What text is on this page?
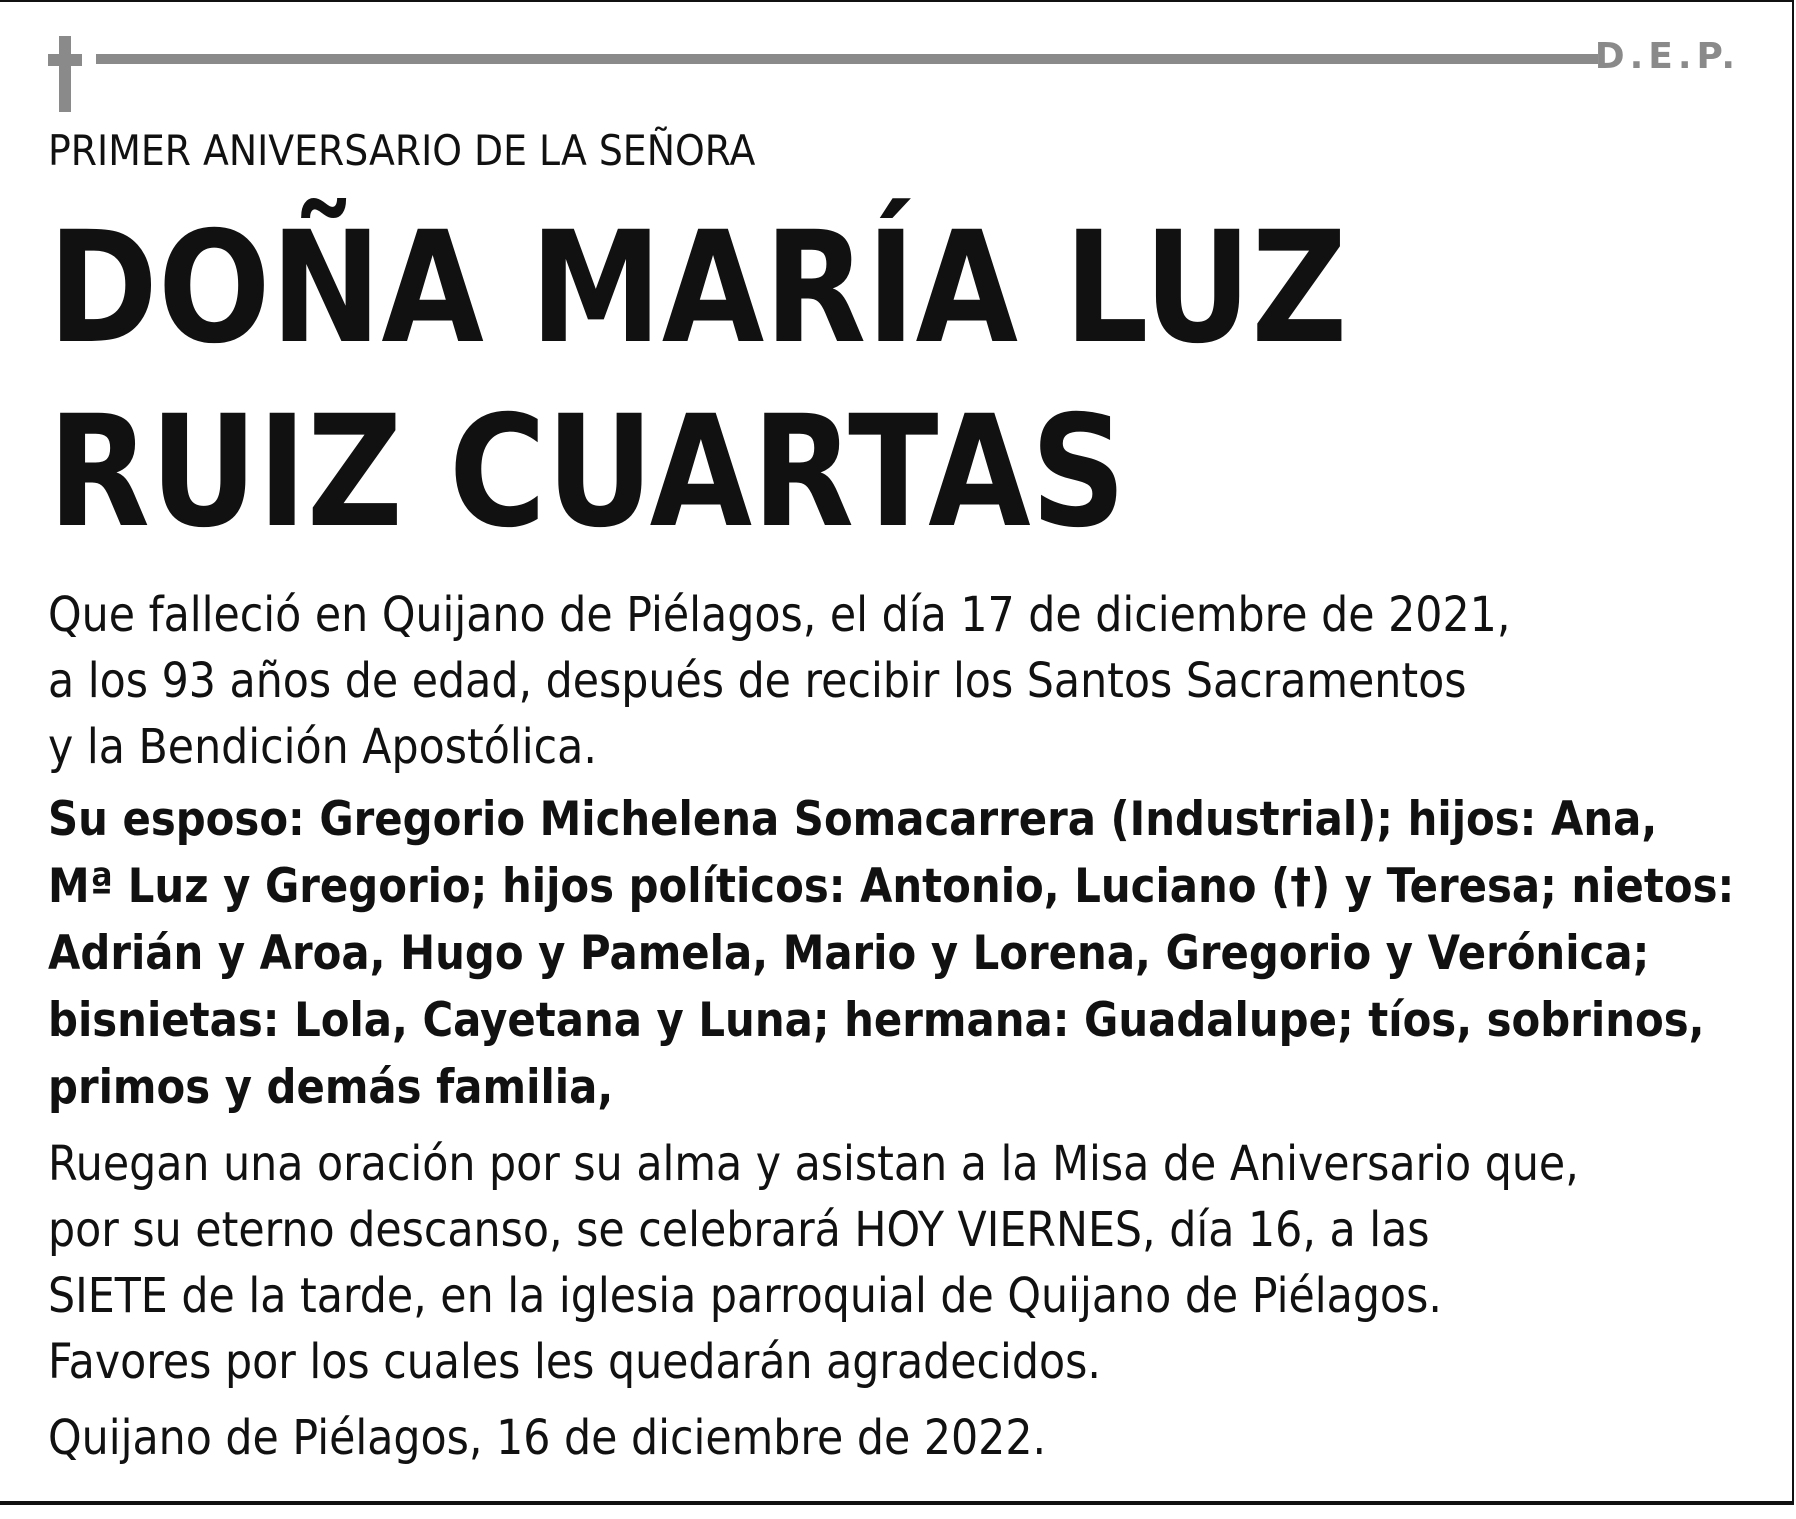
D.E.P.
PRIMER ANIVERSARIO DE LA SEÑORA
DOÑA MARÍA LUZ
RUIZ CUARTAS
Que falleció en Quijano de Piélagos, el día 17 de diciembre de 2021,
a los 93 años de edad, después de recibir los Santos Sacramentos
y la Bendición Apostólica.
Su esposo: Gregorio Michelena Somacarrera (Industrial); hijos: Ana,
Mª Luz y Gregorio; hijos políticos: Antonio, Luciano (†) y Teresa; nietos:
Adrián y Aroa, Hugo y Pamela, Mario y Lorena, Gregorio y Verónica;
bisnietas: Lola, Cayetana y Luna; hermana: Guadalupe; tíos, sobrinos,
primos y demás familia,
Ruegan una oración por su alma y asistan a la Misa de Aniversario que,
por su eterno descanso, se celebrará HOY VIERNES, día 16, a las
SIETE de la tarde, en la iglesia parroquial de Quijano de Piélagos.
Favores por los cuales les quedarán agradecidos.
Quijano de Piélagos, 16 de diciembre de 2022.
